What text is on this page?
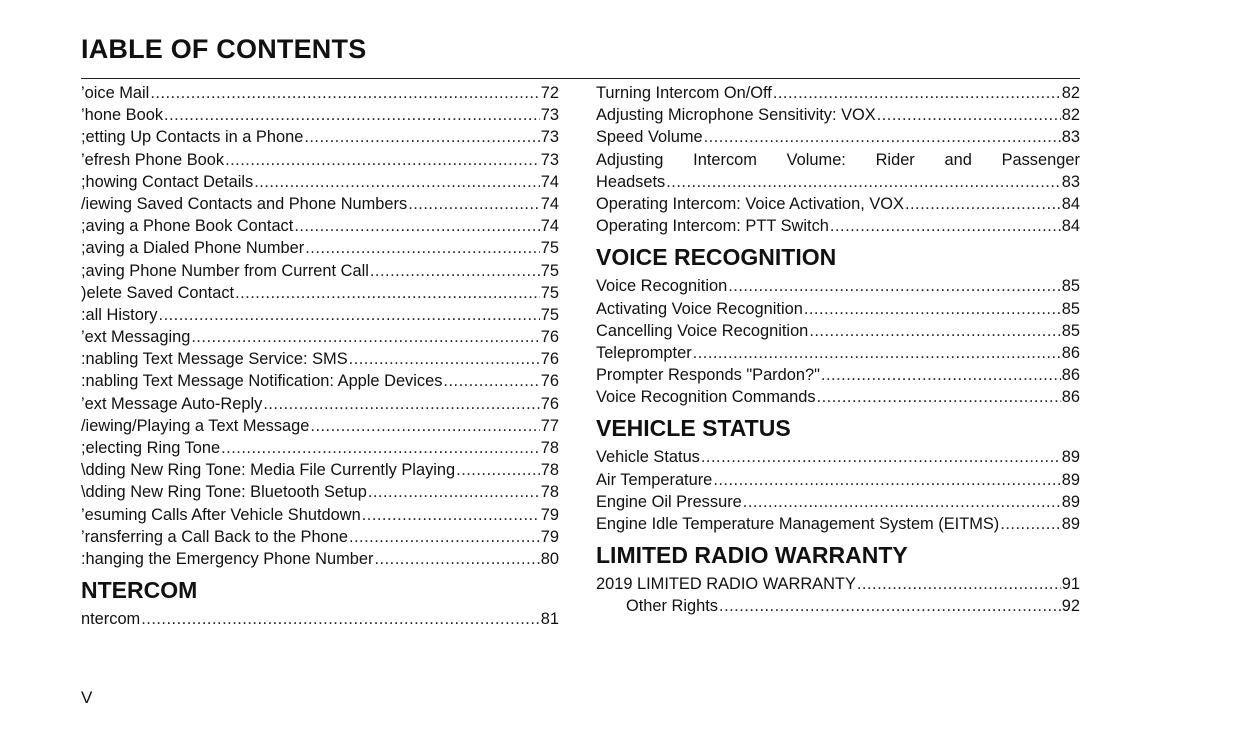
ΙABLE OF CONTENTS
’oice Mail .....	72
’hone Book .....	73
;etting Up Contacts in a Phone .....	73
’efresh Phone Book .....	73
;howing Contact Details .....	74
/iewing Saved Contacts and Phone Numbers .....	74
;aving a Phone Book Contact .....	74
;aving a Dialed Phone Number .....	75
;aving Phone Number from Current Call .....	75
)elete Saved Contact .....	75
:all History .....	75
’ext Messaging .....	76
:nabling Text Message Service: SMS .....	76
:nabling Text Message Notification: Apple Devices .....	76
’ext Message Auto-Reply .....	76
/iewing/Playing a Text Message .....	77
;electing Ring Tone .....	78
\dding New Ring Tone: Media File Currently Playing .....	78
\dding New Ring Tone: Bluetooth Setup .....	78
’esuming Calls After Vehicle Shutdown .....	79
’ransferring a Call Back to the Phone .....	79
:hanging the Emergency Phone Number .....	80
NTERCOM
ntercom .....	81
Turning Intercom On/Off .....	82
Adjusting Microphone Sensitivity: VOX .....	82
Speed Volume .....	83
Adjusting Intercom Volume: Rider and Passenger
Headsets .....	83
Operating Intercom: Voice Activation, VOX .....	84
Operating Intercom: PTT Switch .....	84
VOICE RECOGNITION
Voice Recognition .....	85
Activating Voice Recognition .....	85
Cancelling Voice Recognition .....	85
Teleprompter .....	86
Prompter Responds "Pardon?" .....	86
Voice Recognition Commands .....	86
VEHICLE STATUS
Vehicle Status .....	89
Air Temperature .....	89
Engine Oil Pressure .....	89
Engine Idle Temperature Management System (EITMS) .....	89
LIMITED RADIO WARRANTY
2019 LIMITED RADIO WARRANTY .....	91
Other Rights .....	92
V
